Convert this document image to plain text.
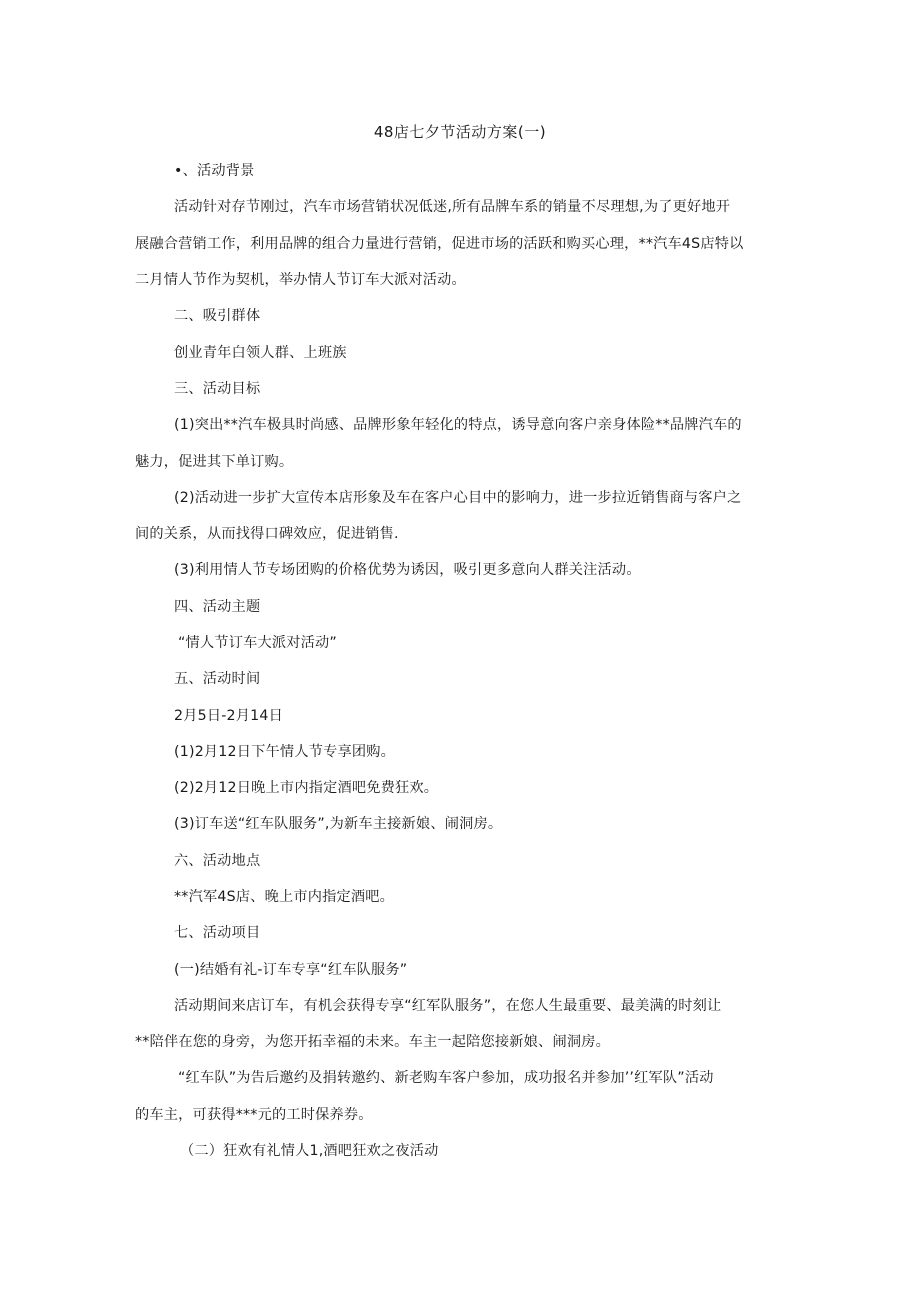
48店七夕节活动方案(一)
•、活动背景
活动针对存节刚过，汽车市场营销状况低迷,所有品牌车系的销量不尽理想,为了更好地开
展融合营销工作，利用品牌的组合力量进行营销，促进市场的活跃和购买心理，**汽车4S店特以
二月情人节作为契机，举办情人节订车大派对活动。
二、吸引群体
创业青年白领人群、上班族
三、活动目标
(1)突出**汽车极具时尚感、品牌形象年轻化的特点，诱导意向客户亲身体险**品牌汽车的
魅力，促进其下单订购。
(2)活动进一步扩大宣传本店形象及车在客户心目中的影响力，进一步拉近销售商与客户之
间的关系，从而找得口碑效应，促进销售.
(3)利用情人节专场团购的价格优势为诱因，吸引更多意向人群关注活动。
四、活动主题
“情人节订车大派对活动”
五、活动时间
2月5日-2月14日
(1)2月12日下午情人节专享团购。
(2)2月12日晚上市内指定酒吧免费狂欢。
(3)订车送“红车队服务”,为新车主接新娘、闹洞房。
六、活动地点
**汽军4S店、晚上市内指定酒吧。
七、活动项目
(一)结婚有礼-订车专享“红车队服务”
活动期间来店订车，有机会获得专享“红军队服务”，在您人生最重要、最美满的时刻让
**陪伴在您的身旁，为您开拓幸福的未来。车主一起陪您接新娘、闹洞房。
“红车队”为告后邀约及捐转邀约、新老购车客户参加，成功报名并参加’’红军队”活动
的车主，可获得***元的工时保养券。
（二）狂欢有礼情人1,酒吧狂欢之夜活动
